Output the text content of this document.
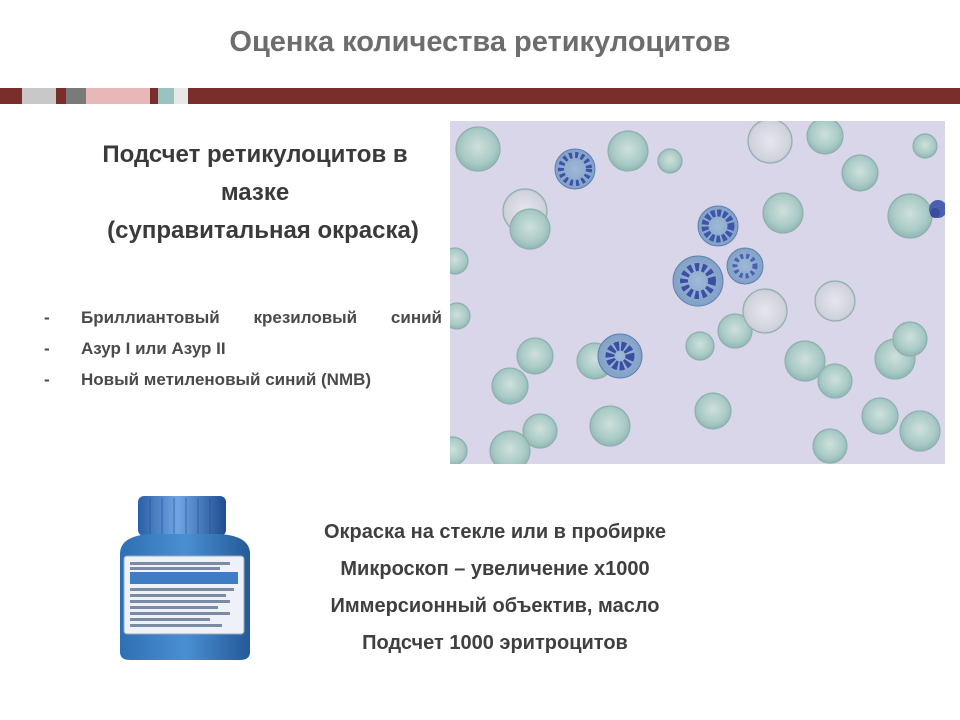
Оценка количества ретикулоцитов
Подсчет ретикулоцитов в
мазке
(суправитальная окраска)
- Бриллиантовый крезиловый синий
- Азур I или Азур II
- Новый метиленовый синий (NMB)
Окраска на стекле или в пробирке
Микроскоп – увеличение х1000
Иммерсионный объектив, масло
Подсчет 1000 эритроцитов
